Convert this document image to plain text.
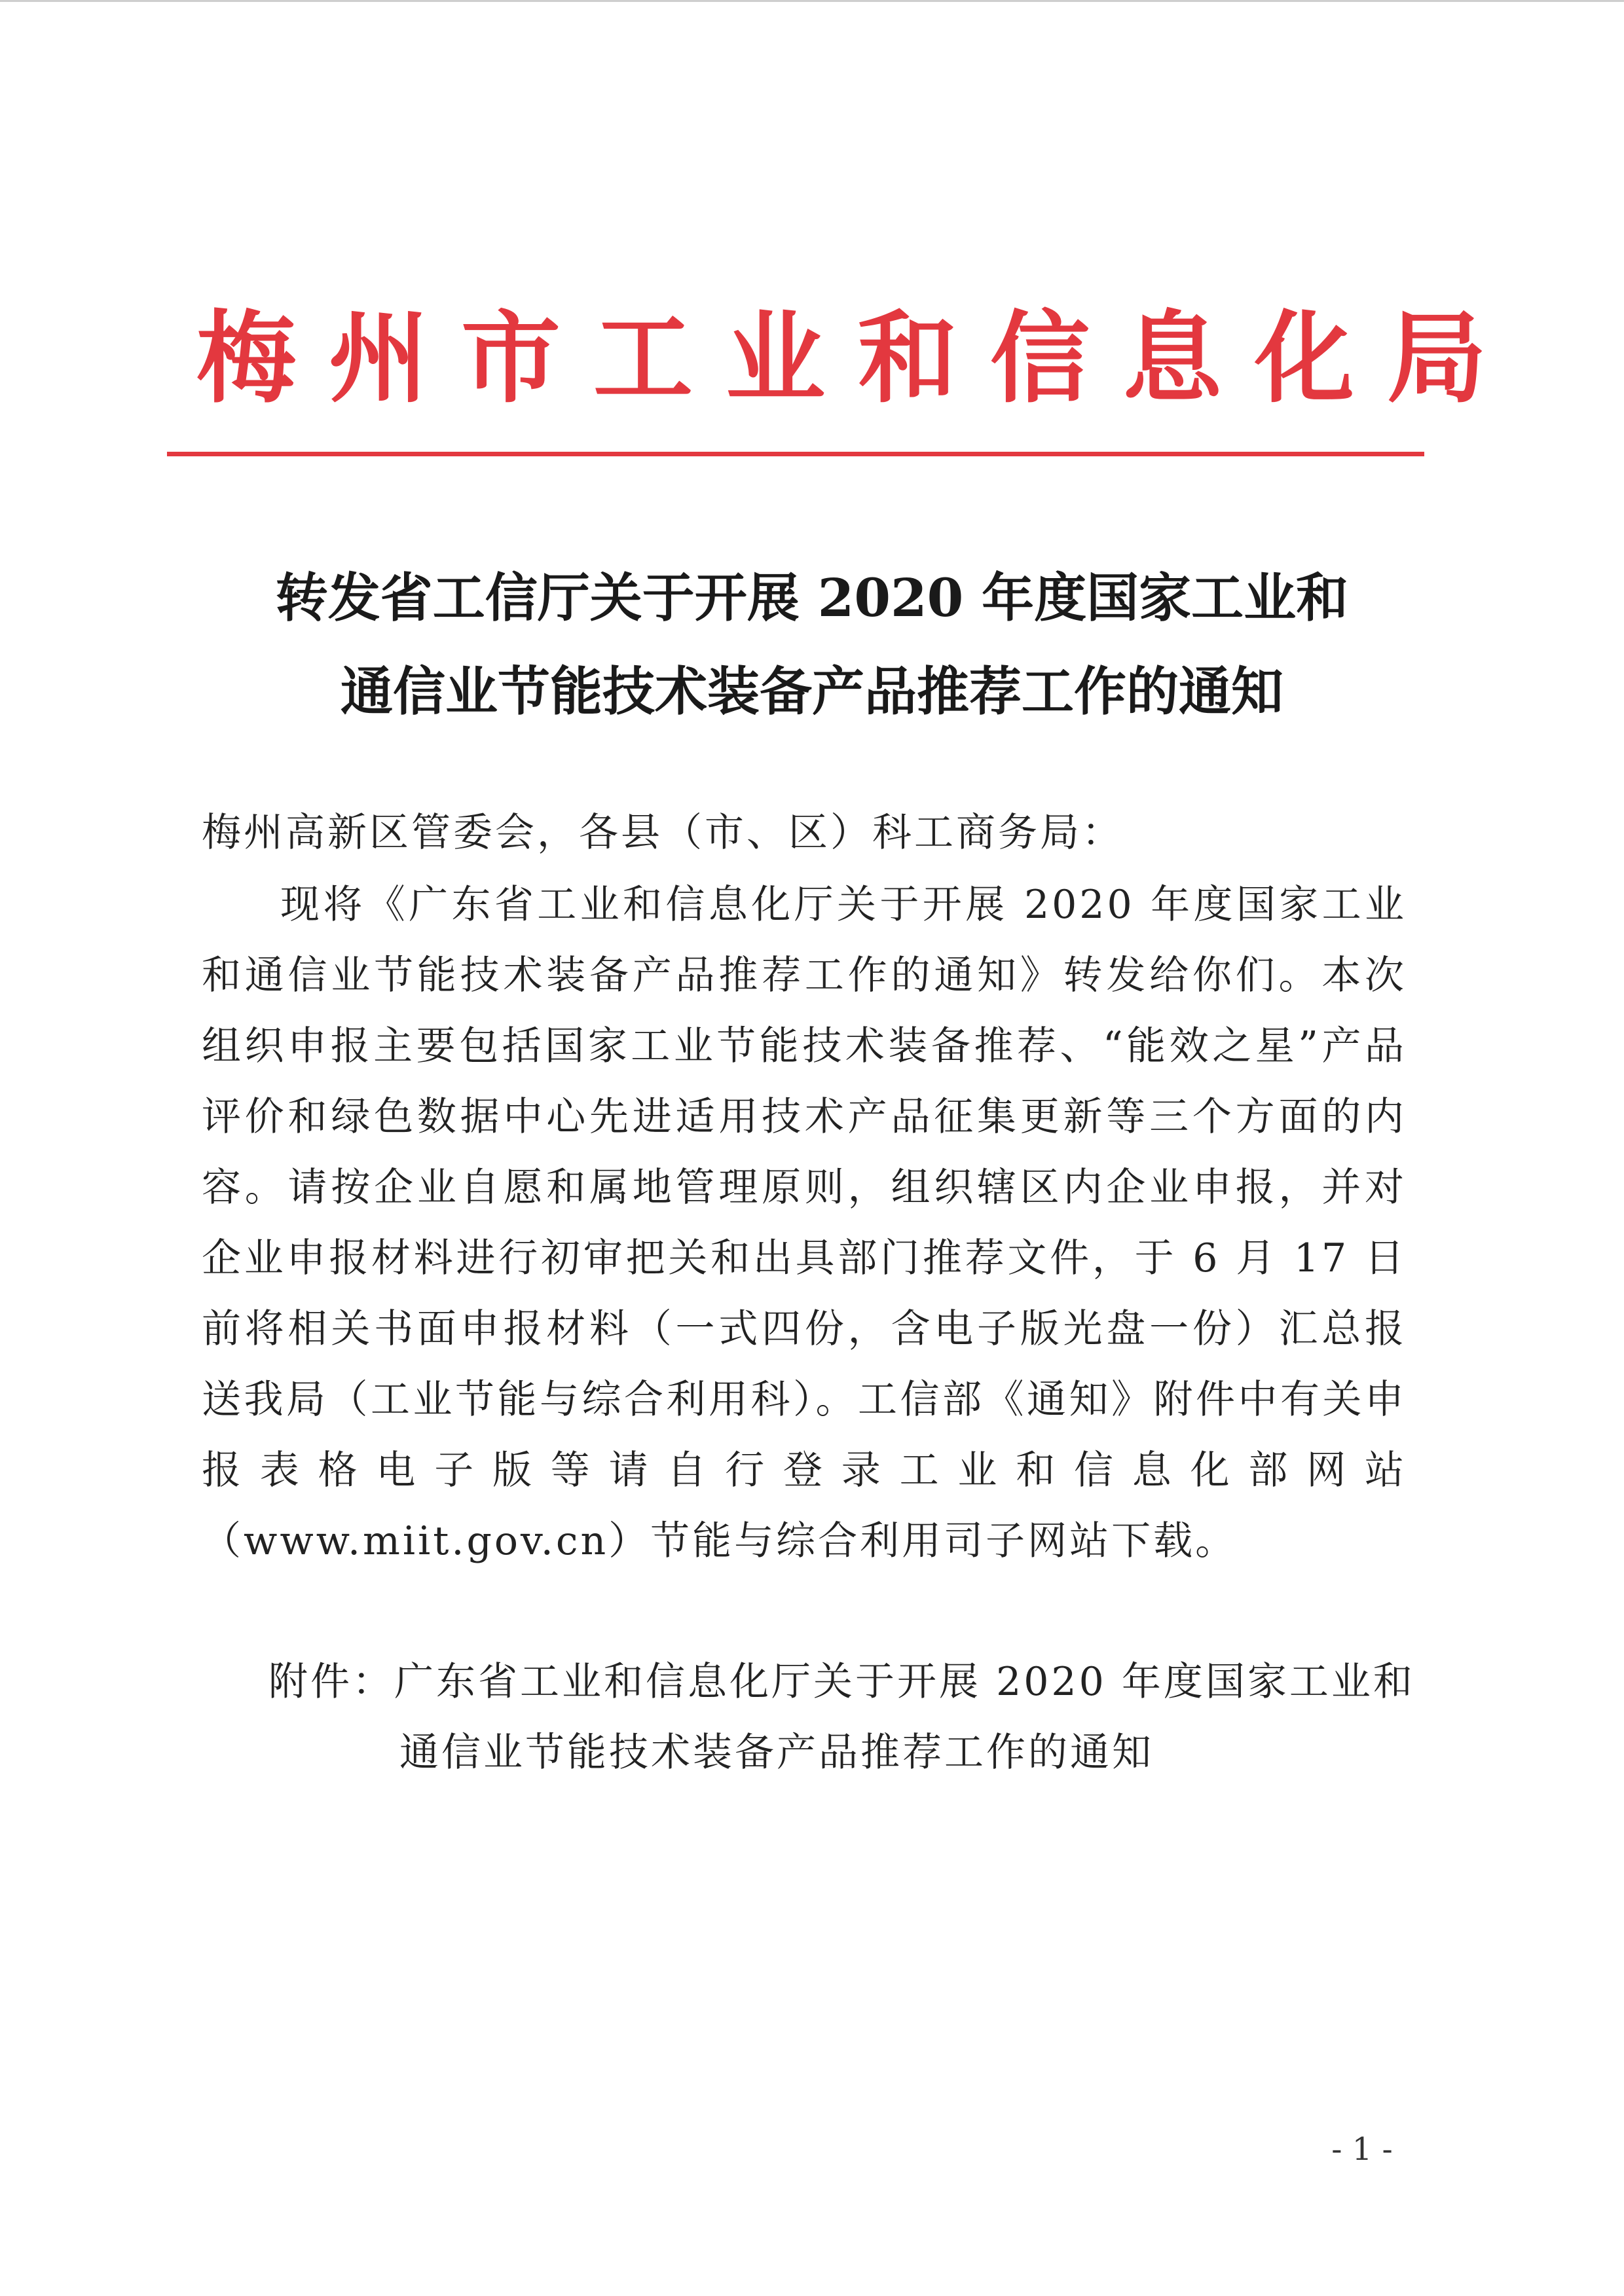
梅州市工业和信息化局
转发省工信厅关于开展 2020 年度国家工业和
通信业节能技术装备产品推荐工作的通知
梅州高新区管委会，各县（市、区）科工商务局：
现将《广东省工业和信息化厅关于开展 2020 年度国家工业和通信业节能技术装备产品推荐工作的通知》转发给你们。本次组织申报主要包括国家工业节能技术装备推荐、“能效之星”产品评价和绿色数据中心先进适用技术产品征集更新等三个方面的内容。请按企业自愿和属地管理原则，组织辖区内企业申报，并对企业申报材料进行初审把关和出具部门推荐文件，于 6 月 17 日前将相关书面申报材料（一式四份，含电子版光盘一份）汇总报送我局（工业节能与综合利用科）。工信部《通知》附件中有关申报表格电子版等请自行登录工业和信息化部网站（www.miit.gov.cn）节能与综合利用司子网站下载。
附件：广东省工业和信息化厅关于开展 2020 年度国家工业和
通信业节能技术装备产品推荐工作的通知
- 1 -
